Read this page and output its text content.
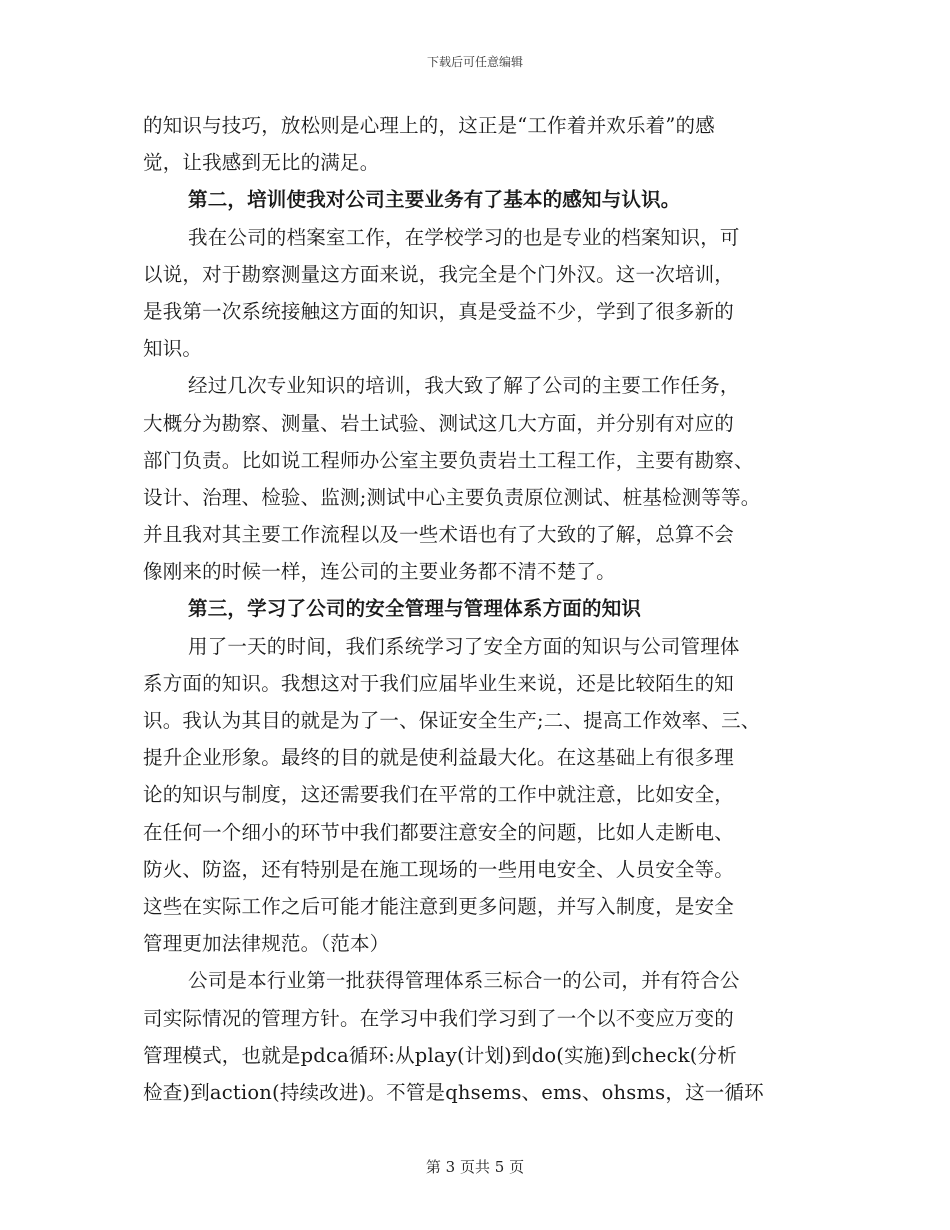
下载后可任意编辑
的知识与技巧，放松则是心理上的，这正是“工作着并欢乐着”的感
觉，让我感到无比的满足。
第二，培训使我对公司主要业务有了基本的感知与认识。
我在公司的档案室工作，在学校学习的也是专业的档案知识，可
以说，对于勘察测量这方面来说，我完全是个门外汉。这一次培训，
是我第一次系统接触这方面的知识，真是受益不少，学到了很多新的
知识。
经过几次专业知识的培训，我大致了解了公司的主要工作任务，
大概分为勘察、测量、岩土试验、测试这几大方面，并分别有对应的
部门负责。比如说工程师办公室主要负责岩土工程工作，主要有勘察、
设计、治理、检验、监测;测试中心主要负责原位测试、桩基检测等等。
并且我对其主要工作流程以及一些术语也有了大致的了解，总算不会
像刚来的时候一样，连公司的主要业务都不清不楚了。
第三，学习了公司的安全管理与管理体系方面的知识
用了一天的时间，我们系统学习了安全方面的知识与公司管理体
系方面的知识。我想这对于我们应届毕业生来说，还是比较陌生的知
识。我认为其目的就是为了一、保证安全生产;二、提高工作效率、三、
提升企业形象。最终的目的就是使利益最大化。在这基础上有很多理
论的知识与制度，这还需要我们在平常的工作中就注意，比如安全，
在任何一个细小的环节中我们都要注意安全的问题，比如人走断电、
防火、防盗，还有特别是在施工现场的一些用电安全、人员安全等。
这些在实际工作之后可能才能注意到更多问题，并写入制度，是安全
管理更加法律规范。（范本）
公司是本行业第一批获得管理体系三标合一的公司，并有符合公
司实际情况的管理方针。在学习中我们学习到了一个以不变应万变的
管理模式，也就是pdca循环:从play(计划)到do(实施)到check(分析
检查)到action(持续改进)。不管是qhsems、ems、ohsms，这一循环
第 3 页共 5 页
